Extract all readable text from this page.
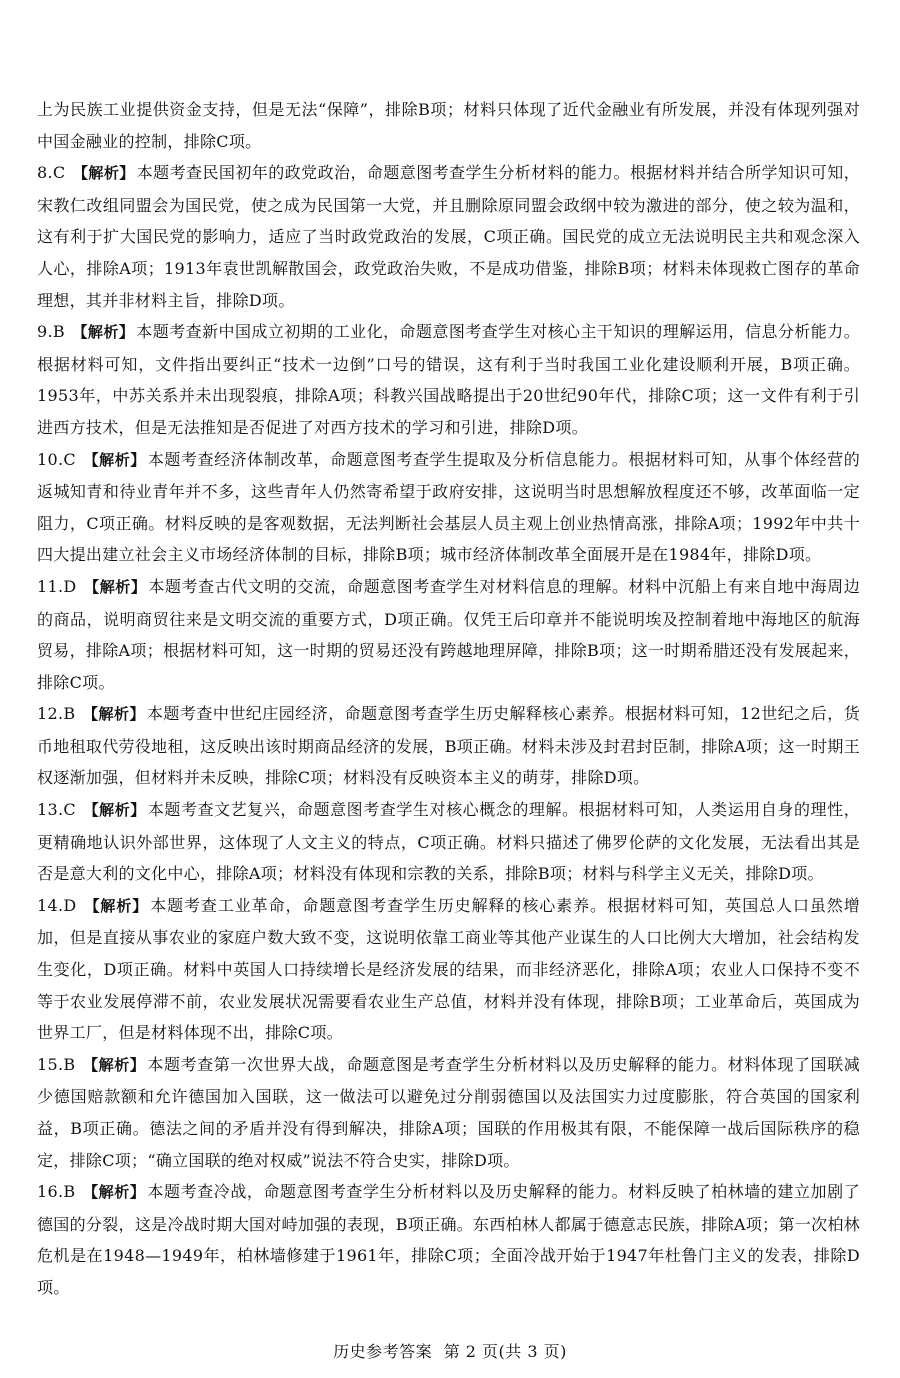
上为民族工业提供资金支持，但是无法“保障”，排除B项；材料只体现了近代金融业有所发展，并没有体现列强对中国金融业的控制，排除C项。

8.C 【解析】 本题考查民国初年的政党政治，命题意图考查学生分析材料的能力。根据材料并结合所学知识可知，宋教仁改组同盟会为国民党，使之成为民国第一大党，并且删除原同盟会政纲中较为激进的部分，使之较为温和，这有利于扩大国民党的影响力，适应了当时政党政治的发展，C项正确。国民党的成立无法说明民主共和观念深入人心，排除A项；1913年袁世凯解散国会，政党政治失败，不是成功借鉴，排除B项；材料未体现救亡图存的革命理想，其并非材料主旨，排除D项。

9.B 【解析】 本题考查新中国成立初期的工业化，命题意图考查学生对核心主干知识的理解运用，信息分析能力。根据材料可知，文件指出要纠正“技术一边倒”口号的错误，这有利于当时我国工业化建设顺利开展，B项正确。1953年，中苏关系并未出现裂痕，排除A项；科教兴国战略提出于20世纪90年代，排除C项；这一文件有利于引进西方技术，但是无法推知是否促进了对西方技术的学习和引进，排除D项。

10.C 【解析】 本题考查经济体制改革，命题意图考查学生提取及分析信息能力。根据材料可知，从事个体经营的返城知青和待业青年并不多，这些青年人仍然寄希望于政府安排，这说明当时思想解放程度还不够，改革面临一定阻力，C项正确。材料反映的是客观数据，无法判断社会基层人员主观上创业热情高涨，排除A项；1992年中共十四大提出建立社会主义市场经济体制的目标，排除B项；城市经济体制改革全面展开是在1984年，排除D项。

11.D 【解析】 本题考查古代文明的交流，命题意图考查学生对材料信息的理解。材料中沉船上有来自地中海周边的商品，说明商贸往来是文明交流的重要方式，D项正确。仅凭王后印章并不能说明埃及控制着地中海地区的航海贸易，排除A项；根据材料可知，这一时期的贸易还没有跨越地理屏障，排除B项；这一时期希腊还没有发展起来，排除C项。

12.B 【解析】 本题考查中世纪庄园经济，命题意图考查学生历史解释核心素养。根据材料可知，12世纪之后，货币地租取代劳役地租，这反映出该时期商品经济的发展，B项正确。材料未涉及封君封臣制，排除A项；这一时期王权逐渐加强，但材料并未反映，排除C项；材料没有反映资本主义的萌芽，排除D项。

13.C 【解析】 本题考查文艺复兴，命题意图考查学生对核心概念的理解。根据材料可知，人类运用自身的理性，更精确地认识外部世界，这体现了人文主义的特点，C项正确。材料只描述了佛罗伦萨的文化发展，无法看出其是否是意大利的文化中心，排除A项；材料没有体现和宗教的关系，排除B项；材料与科学主义无关，排除D项。

14.D 【解析】 本题考查工业革命，命题意图考查学生历史解释的核心素养。根据材料可知，英国总人口虽然增加，但是直接从事农业的家庭户数大致不变，这说明依靠工商业等其他产业谋生的人口比例大大增加，社会结构发生变化，D项正确。材料中英国人口持续增长是经济发展的结果，而非经济恶化，排除A项；农业人口保持不变不等于农业发展停滞不前，农业发展状况需要看农业生产总值，材料并没有体现，排除B项；工业革命后，英国成为世界工厂，但是材料体现不出，排除C项。

15.B 【解析】 本题考查第一次世界大战，命题意图是考查学生分析材料以及历史解释的能力。材料体现了国联减少德国赔款额和允许德国加入国联，这一做法可以避免过分削弱德国以及法国实力过度膨胀，符合英国的国家利益，B项正确。德法之间的矛盾并没有得到解决，排除A项；国联的作用极其有限，不能保障一战后国际秩序的稳定，排除C项；“确立国联的绝对权威”说法不符合史实，排除D项。

16.B 【解析】 本题考查冷战，命题意图考查学生分析材料以及历史解释的能力。材料反映了柏林墙的建立加剧了德国的分裂，这是冷战时期大国对峙加强的表现，B项正确。东西柏林人都属于德意志民族，排除A项；第一次柏林危机是在1948—1949年，柏林墙修建于1961年，排除C项；全面冷战开始于1947年杜鲁门主义的发表，排除D项。

历史参考答案 第 2 页(共 3 页)
